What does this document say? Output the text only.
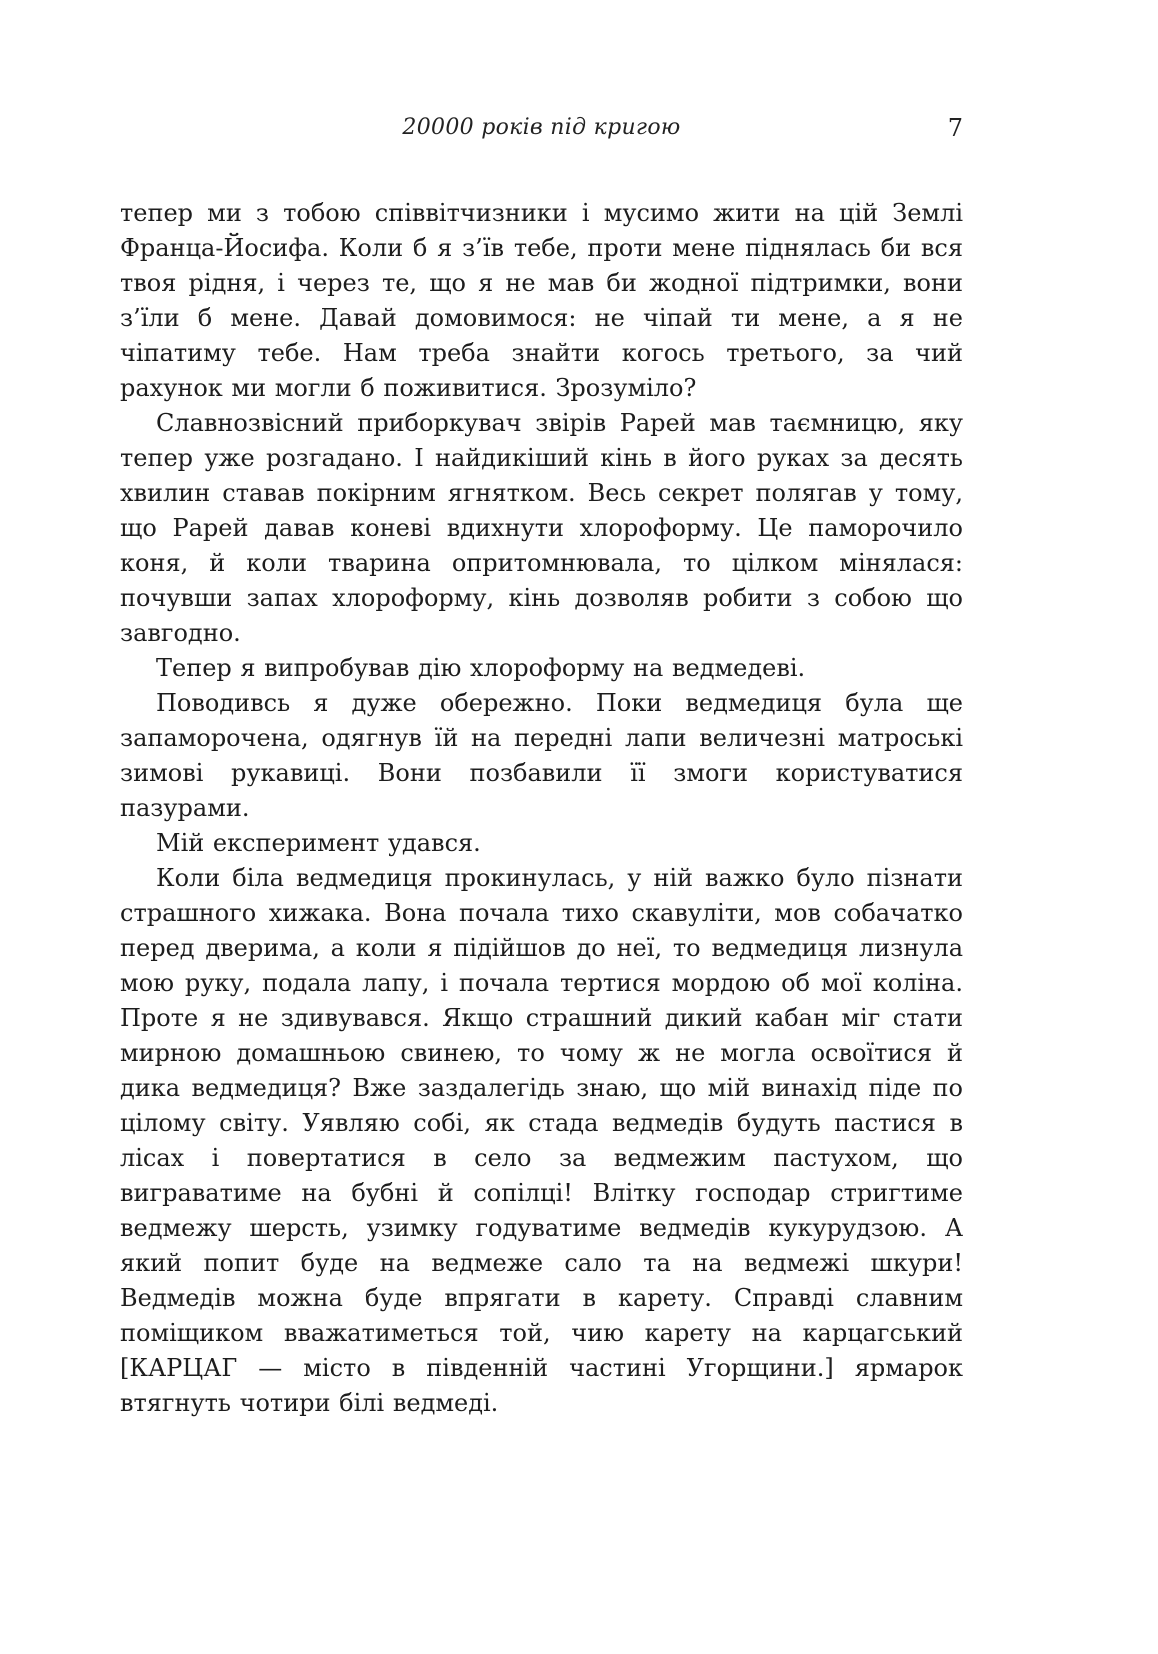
20000 років під кригою	7

тепер ми з тобою співвітчизники і мусимо жити на цій Землі Франца-Йосифа. Коли б я з’їв тебе, проти мене піднялась би вся твоя рідня, і через те, що я не мав би жодної підтримки, вони з’їли б мене. Давай домовимося: не чіпай ти мене, а я не чіпатиму тебе. Нам треба знайти когось третього, за чий рахунок ми могли б поживитися. Зрозуміло?

Славнозвісний приборкувач звірів Рарей мав таємницю, яку тепер уже розгадано. І найдикіший кінь в його руках за десять хвилин ставав покірним ягнятком. Весь секрет полягав у тому, що Рарей давав коневі вдихнути хлороформу. Це паморочило коня, й коли тварина опритомнювала, то цілком мінялася: почувши запах хлороформу, кінь дозволяв робити з собою що завгодно.

Тепер я випробував дію хлороформу на ведмедеві.

Поводивсь я дуже обережно. Поки ведмедиця була ще запаморочена, одягнув їй на передні лапи величезні матроські зимові рукавиці. Вони позбавили її змоги користуватися пазурами.

Мій експеримент удався.

Коли біла ведмедиця прокинулась, у ній важко було пізнати страшного хижака. Вона почала тихо скавуліти, мов собачатко перед дверима, а коли я підійшов до неї, то ведмедиця лизнула мою руку, подала лапу, і почала тертися мордою об мої коліна. Проте я не здивувався. Якщо страшний дикий кабан міг стати мирною домашньою свинею, то чому ж не могла освоїтися й дика ведмедиця? Вже заздалегідь знаю, що мій винахід піде по цілому світу. Уявляю собі, як стада ведмедів будуть пастися в лісах і повертатися в село за ведмежим пастухом, що виграватиме на бубні й сопілці! Влітку господар стригтиме ведмежу шерсть, узимку годуватиме ведмедів кукурудзою. А який попит буде на ведмеже сало та на ведмежі шкури! Ведмедів можна буде впрягати в карету. Справді славним поміщиком вважатиметься той, чию карету на карцагський [КАРЦАГ — місто в південній частині Угорщини.] ярмарок втягнуть чотири білі ведмеді.
